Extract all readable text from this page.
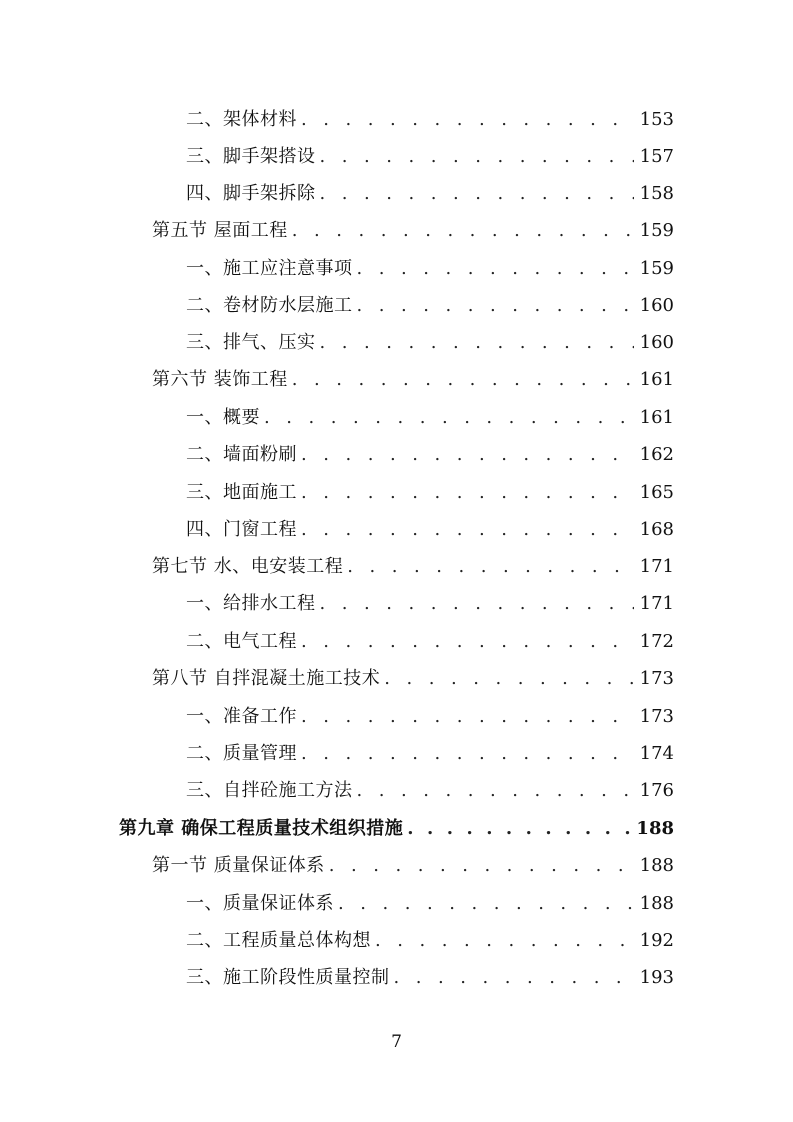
二、架体材料 . . .	153
三、脚手架搭设 . . .	157
四、脚手架拆除 . . .	158
第五节 屋面工程 . . .	159
一、施工应注意事项 . . .	159
二、卷材防水层施工 . . .	160
三、排气、压实 . . .	160
第六节 装饰工程 . . .	161
一、概要 . . .	161
二、墙面粉刷 . . .	162
三、地面施工 . . .	165
四、门窗工程 . . .	168
第七节 水、电安装工程 . . .	171
一、给排水工程 . . .	171
二、电气工程 . . .	172
第八节 自拌混凝土施工技术 . . .	173
一、准备工作 . . .	173
二、质量管理 . . .	174
三、自拌砼施工方法 . . .	176
第九章 确保工程质量技术组织措施 . . .	188
第一节 质量保证体系 . . .	188
一、质量保证体系 . . .	188
二、工程质量总体构想 . . .	192
三、施工阶段性质量控制 . . .	193
7
